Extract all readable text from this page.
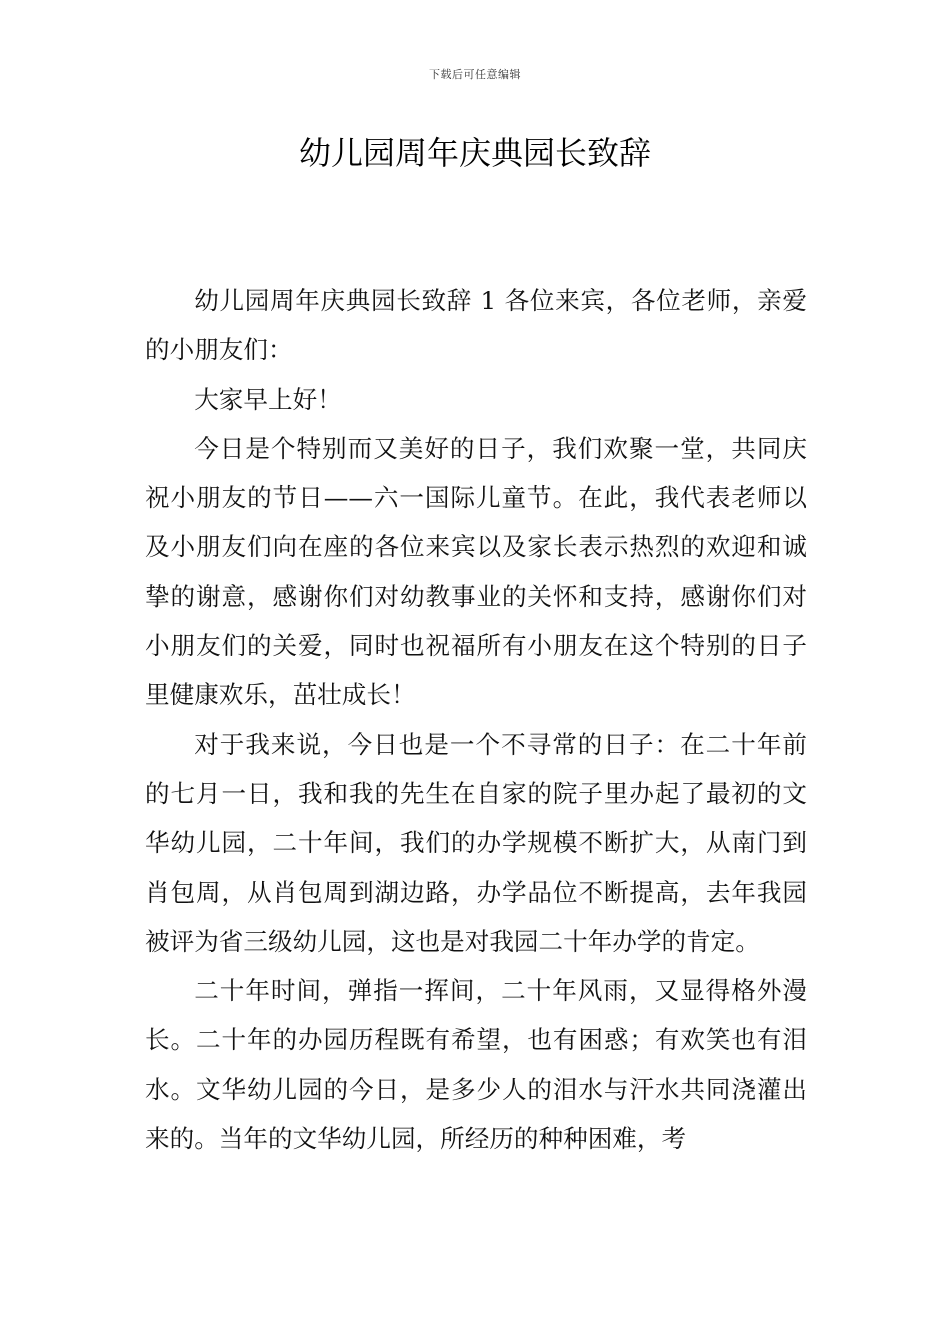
下载后可任意编辑
幼儿园周年庆典园长致辞

幼儿园周年庆典园长致辞 1 各位来宾，各位老师，亲爱的小朋友们：

大家早上好！

今日是个特别而又美好的日子，我们欢聚一堂，共同庆祝小朋友的节日——六一国际儿童节。在此，我代表老师以及小朋友们向在座的各位来宾以及家长表示热烈的欢迎和诚挚的谢意，感谢你们对幼教事业的关怀和支持，感谢你们对小朋友们的关爱，同时也祝福所有小朋友在这个特别的日子里健康欢乐，茁壮成长！

对于我来说，今日也是一个不寻常的日子：在二十年前的七月一日，我和我的先生在自家的院子里办起了最初的文华幼儿园，二十年间，我们的办学规模不断扩大，从南门到肖包周，从肖包周到湖边路，办学品位不断提高，去年我园被评为省三级幼儿园，这也是对我园二十年办学的肯定。

二十年时间，弹指一挥间，二十年风雨，又显得格外漫长。二十年的办园历程既有希望，也有困惑；有欢笑也有泪水。文华幼儿园的今日，是多少人的泪水与汗水共同浇灌出来的。当年的文华幼儿园，所经历的种种困难，考
